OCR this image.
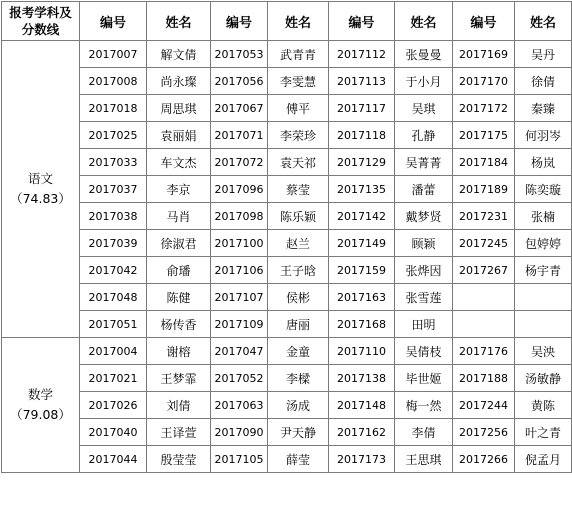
报考学科及
分数线	编号	姓名	编号	姓名	编号	姓名	编号	姓名

语文
（74.83）	2017007	解文倩	2017053	武青青	2017112	张曼曼	2017169	吴丹
	2017008	尚永璨	2017056	李雯慧	2017113	于小月	2017170	徐倩
	2017018	周思琪	2017067	傅平	2017117	吴琪	2017172	秦臻
	2017025	袁丽娟	2017071	李荣珍	2017118	孔静	2017175	何羽岑
	2017033	车文杰	2017072	袁天祁	2017129	吴菁菁	2017184	杨岚
	2017037	李京	2017096	蔡莹	2017135	潘蕾	2017189	陈奕璇
	2017038	马肖	2017098	陈乐颖	2017142	戴梦贤	2017231	张楠
	2017039	徐淑君	2017100	赵兰	2017149	顾颖	2017245	包婷婷
	2017042	俞璠	2017106	王子晗	2017159	张烨因	2017267	杨宇青
	2017048	陈健	2017107	侯彬	2017163	张雪莲		
	2017051	杨传香	2017109	唐丽	2017168	田明		

数学
（79.08）	2017004	谢榕	2017047	金童	2017110	吴倩枝	2017176	吴泱
	2017021	王梦霏	2017052	李樑	2017138	毕世姬	2017188	汤敏静
	2017026	刘倩	2017063	汤成	2017148	梅一然	2017244	黄陈
	2017040	王译萱	2017090	尹天静	2017162	李倩	2017256	叶之青
	2017044	殷莹莹	2017105	薛莹	2017173	王思琪	2017266	倪孟月
